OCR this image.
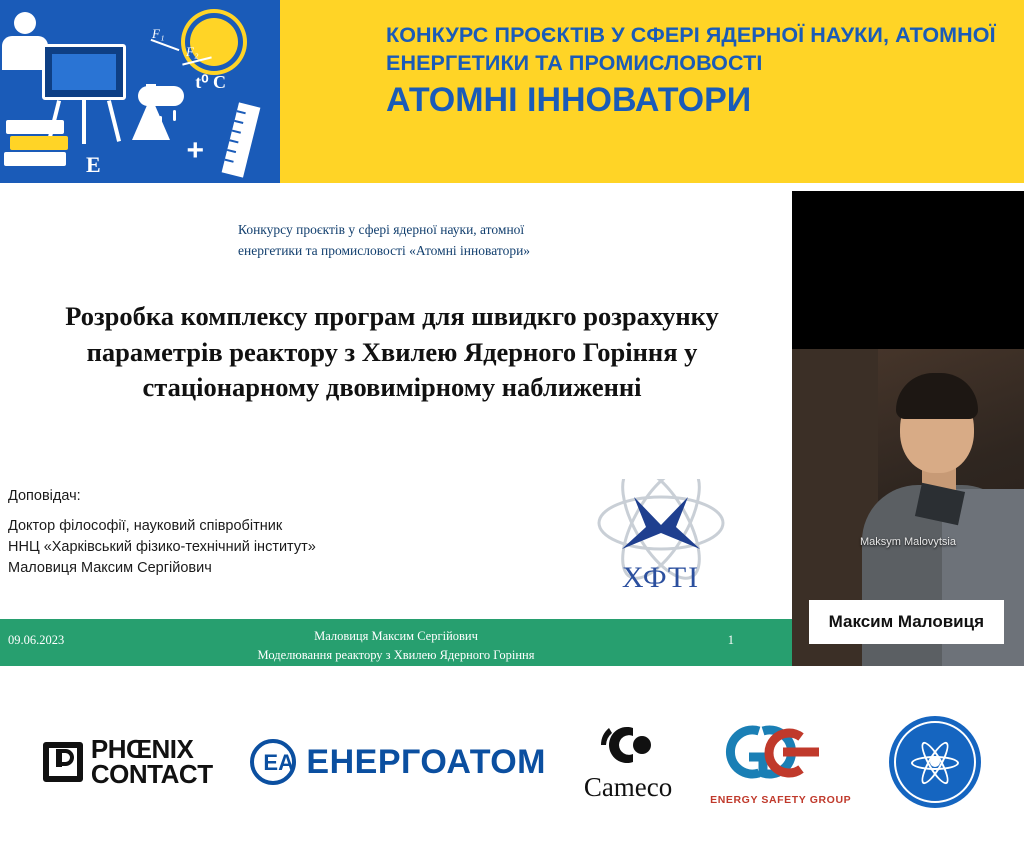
t⁰ C
+
F₁
F₂
E
КОНКУРС ПРОЄКТІВ У СФЕРІ ЯДЕРНОЇ НАУКИ, АТОМНОЇ ЕНЕРГЕТИКИ ТА ПРОМИСЛОВОСТІ
АТОМНІ ІННОВАТОРИ
Конкурсу проєктів у сфері ядерної науки, атомної енергетики та промисловості «Атомні інноватори»
Розробка комплексу програм для швидкго розрахунку параметрів реактору з Хвилею Ядерного Горіння у стаціонарному двовимірному наближенні
Доповідач:
Доктор філософії, науковий співробітник
ННЦ «Харківський фізико-технічний інститут»
Маловиця Максим Сергійович	ХФТІ
09.06.2023	Маловиця Максим Сергійович
Моделювання реактору з Хвилею Ядерного Горіння
1
Maksym Malovytsia
Максим Маловиця
PHŒNIX
CONTACT ЕА ЕНЕРГОАТОМ
Cameco	ENERGY SAFETY GROUP
